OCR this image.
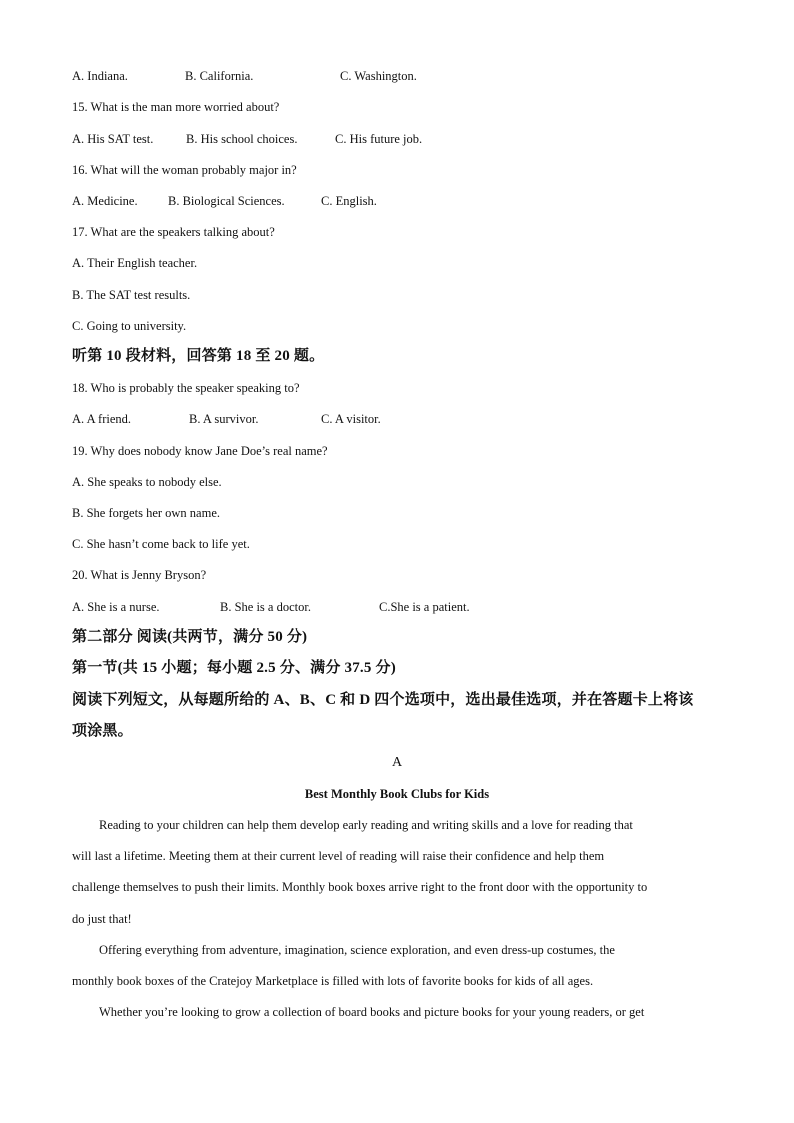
A. Indiana.	B. California.	C. Washington.
15. What is the man more worried about?
A. His SAT test.	B. His school choices.	C. His future job.
16. What will the woman probably major in?
A. Medicine. B. Biological Sciences.	C. English.
17. What are the speakers talking about?
A. Their English teacher.
B. The SAT test results.
C. Going to university.
听第 10 段材料，回答第 18 至 20 题。
18. Who is probably the speaker speaking to?
A. A friend.	B. A survivor.	C. A visitor.
19. Why does nobody know Jane Doe’s real name?
A. She speaks to nobody else.
B. She forgets her own name.
C. She hasn’t come back to life yet.
20. What is Jenny Bryson?
A. She is a nurse.	B. She is a doctor.	C.She is a patient.
第二部分 阅读(共两节，满分 50 分)
第一节(共 15 小题；每小题 2.5 分、满分 37.5 分)
阅读下列短文，从每题所给的 A、B、C 和 D 四个选项中，选出最佳选项，并在答题卡上将该
项涂黑。
A
Best Monthly Book Clubs for Kids
Reading to your children can help them develop early reading and writing skills and a love for reading that
will last a lifetime. Meeting them at their current level of reading will raise their confidence and help them
challenge themselves to push their limits. Monthly book boxes arrive right to the front door with the opportunity to
do just that!
Offering everything from adventure, imagination, science exploration, and even dress-up costumes, the
monthly book boxes of the Cratejoy Marketplace is filled with lots of favorite books for kids of all ages.
Whether you’re looking to grow a collection of board books and picture books for your young readers, or get
